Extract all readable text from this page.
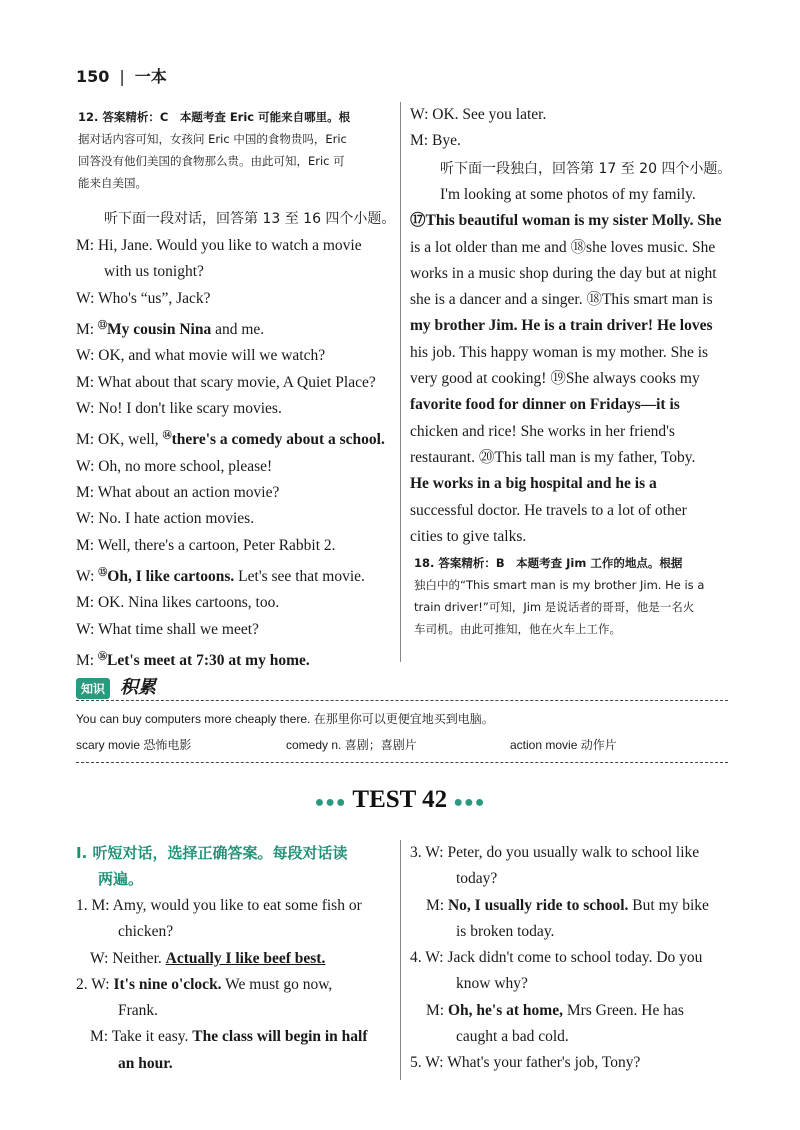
150 | 一本
12. 答案精析：C　本题考查 Eric 可能来自哪里。根
据对话内容可知，女孩问 Eric 中国的食物贵吗，Eric
回答没有他们美国的食物那么贵。由此可知，Eric 可
能来自美国。
听下面一段对话，回答第 13 至 16 四个小题。
M: Hi, Jane. Would you like to watch a movie
with us tonight?
W: Who's “us”, Jack?
M: ⑬My cousin Nina and me.
W: OK, and what movie will we watch?
M: What about that scary movie, A Quiet Place?
W: No! I don't like scary movies.
M: OK, well, ⑭there's a comedy about a school.
W: Oh, no more school, please!
M: What about an action movie?
W: No. I hate action movies.
M: Well, there's a cartoon, Peter Rabbit 2.
W: ⑮Oh, I like cartoons. Let's see that movie.
M: OK. Nina likes cartoons, too.
W: What time shall we meet?
M: ⑯Let's meet at 7:30 at my home.
W: OK. See you later.
M: Bye.
听下面一段独白，回答第 17 至 20 四个小题。
I'm looking at some photos of my family.
⑰This beautiful woman is my sister Molly. She
is a lot older than me and ⑱she loves music. She
works in a music shop during the day but at night
she is a dancer and a singer. ⑱This smart man is
my brother Jim. He is a train driver! He loves
his job. This happy woman is my mother. She is
very good at cooking! ⑲She always cooks my
favorite food for dinner on Fridays—it is
chicken and rice! She works in her friend's
restaurant. ⑳This tall man is my father, Toby.
He works in a big hospital and he is a
successful doctor. He travels to a lot of other
cities to give talks.
18. 答案精析：B　本题考查 Jim 工作的地点。根据
独白中的“This smart man is my brother Jim. He is a
train driver!”可知，Jim 是说话者的哥哥，他是一名火
车司机。由此可推知，他在火车上工作。
知识 积累
You can buy computers more cheaply there. 在那里你可以更便宜地买到电脑。
scary movie 恐怖电影	comedy n. 喜剧；喜剧片	action movie 动作片
●●● TEST 42 ●●●
Ⅰ. 听短对话，选择正确答案。每段对话读
两遍。
1. M: Amy, would you like to eat some fish or
chicken?
W: Neither. Actually I like beef best.
2. W: It's nine o'clock. We must go now,
Frank.
M: Take it easy. The class will begin in half
an hour.
3. W: Peter, do you usually walk to school like
today?
M: No, I usually ride to school. But my bike
is broken today.
4. W: Jack didn't come to school today. Do you
know why?
M: Oh, he's at home, Mrs Green. He has
caught a bad cold.
5. W: What's your father's job, Tony?
